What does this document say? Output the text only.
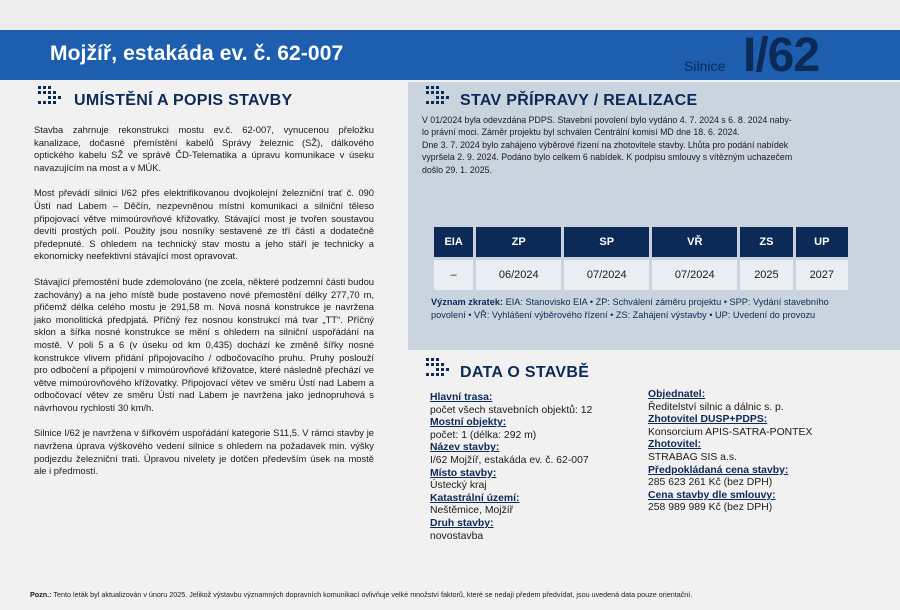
Mojžíř, estakáda ev. č. 62-007
Silnice I/62
UMÍSTĚNÍ A POPIS STAVBY

Stavba zahrnuje rekonstrukci mostu ev.č. 62-007, vynucenou přeložku kanalizace, dočasné přemístění kabelů Správy železnic (SŽ), dálkového optického kabelu SŽ ve správě ČD-Telematika a úpravu komunikace v úseku navazujícím na most a v MÚK.

Most převádí silnici I/62 přes elektrifikovanou dvojkolejní železniční trať č. 090 Ústí nad Labem – Děčín, nezpevněnou místní komunikaci a silniční těleso připojovací větve mimoúrovňové křižovatky. Stávající most je tvořen soustavou devíti prostých polí. Použity jsou nosníky sestavené ze tří částí a dodatečně předepnuté. S ohledem na technický stav mostu a jeho stáří je technicky a ekonomicky neefektivní stávající most opravovat.

Stávající přemostění bude zdemolováno (ne zcela, některé podzemní části budou zachovány) a na jeho místě bude postaveno nové přemostění délky 277,70 m, přičemž délka celého mostu je 291,58 m. Nová nosná konstrukce je navržena jako monolitická předpjatá. Příčný řez nosnou konstrukcí má tvar „TT“. Příčný sklon a šířka nosné konstrukce se mění s ohledem na silniční uspořádání na mostě. V poli 5 a 6 (v úseku od km 0,435) dochází ke změně šířky nosné konstrukce vlivem přidání připojovacího / odbočovacího pruhu. Pruhy poslouží pro odbočení a připojení v mimoúrovňové křižovatce, které následně přechází ve větve mimoúrovňového křížovatky. Připojovací větev ve směru Ústí nad Labem a odbočovací větev ze směru Ústí nad Labem je navržena jako jednopruhová s návrhovou rychlostí 30 km/h.

Silnice I/62 je navržena v šířkovém uspořádání kategorie S11,5. V rámci stavby je navržena úprava výškového vedení silnice s ohledem na požadavek min. výšky podjezdu železniční trati. Úpravou nivelety je dotčen především úsek na mostě ale i předmostí.

STAV PŘÍPRAVY / REALIZACE
V 01/2024 byla odevzdána PDPS. Stavební povolení bylo vydáno 4. 7. 2024 s 6. 8. 2024 naby-
lo právní moci. Záměr projektu byl schválen Centrální komisí MD dne 18. 6. 2024.
Dne 3. 7. 2024 bylo zahájeno výběrové řízení na zhotovitele stavby. Lhůta pro podání nabídek
vypršela 2. 9. 2024. Podáno bylo celkem 6 nabídek. K podpisu smlouvy s vítězným uchazečem
došlo 29. 1. 2025.
EIA	ZP	SP	VŘ	ZS	UP
–	06/2024	07/2024	07/2024	2025	2027
Význam zkratek: EIA: Stanovisko EIA • ZP: Schválení záměru projektu • SPP: Vydání stavebního povolení • VŘ: Vyhlášení výběrového řízení • ZS: Zahájení výstavby • UP: Uvedení do provozu
DATA O STAVBĚ
Hlavní trasa:
počet všech stavebních objektů: 12
Mostní objekty:
počet: 1 (délka: 292 m)
Název stavby:
I/62 Mojžíř, estakáda ev. č. 62-007
Místo stavby:
Ústecký kraj
Katastrální území:
Neštěmice, Mojžíř
Druh stavby:
novostavba
Objednatel:
Ředitelství silnic a dálnic s. p.
Zhotovitel DUSP+PDPS:
Konsorcium APIS-SATRA-PONTEX
Zhotovitel:
STRABAG SIS a.s.
Předpokládaná cena stavby:
285 623 261 Kč (bez DPH)
Cena stavby dle smlouvy:
258 989 989 Kč (bez DPH)
Pozn.: Tento leták byl aktualizován v únoru 2025. Jelikož výstavbu významných dopravních komunikací ovlivňuje velké množství faktorů, které se nedají předem předvídat, jsou uvedená data pouze orientační.
